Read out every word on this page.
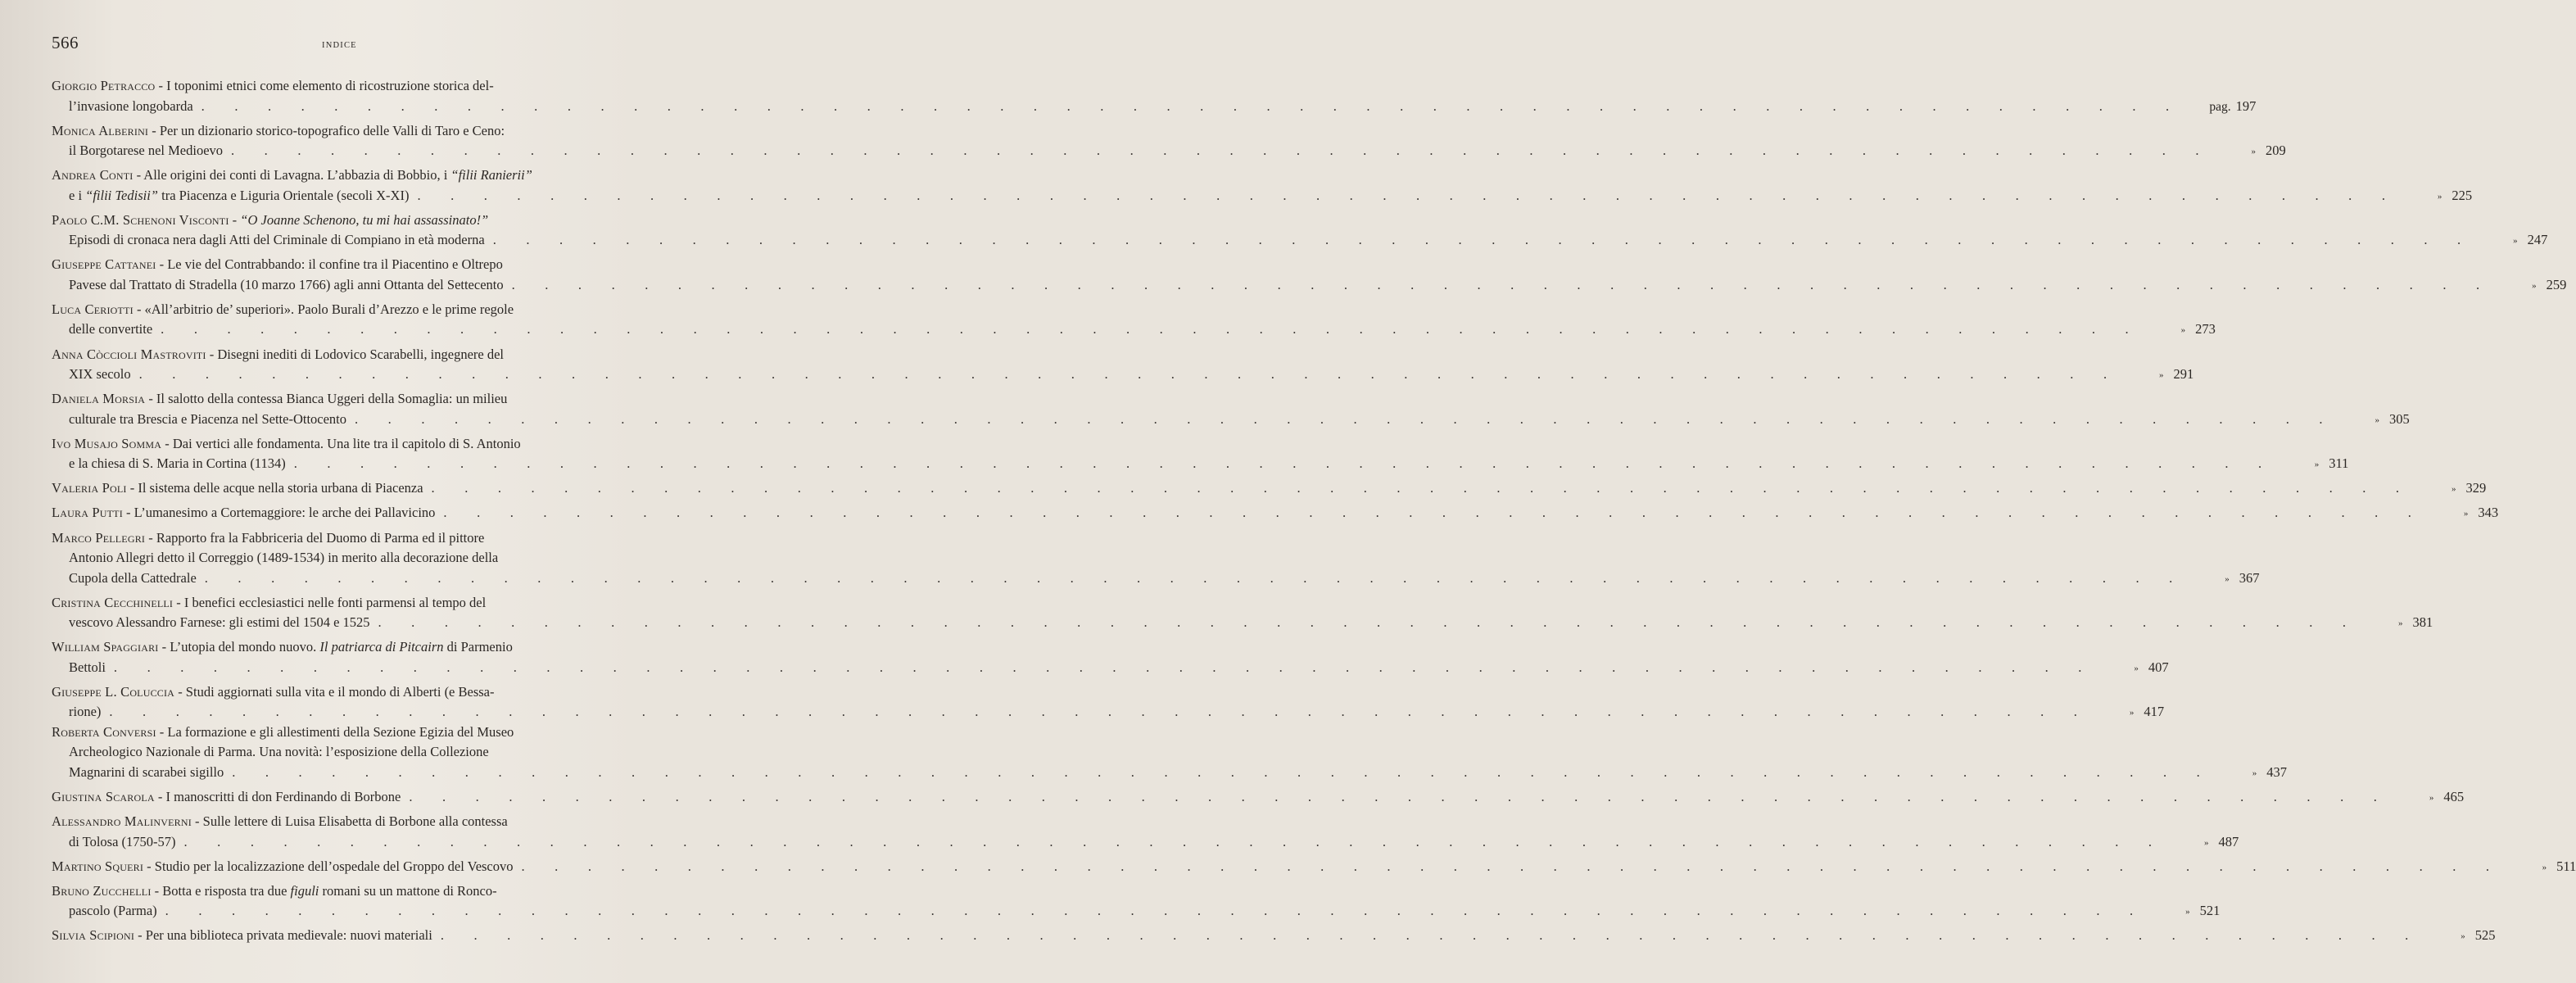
566	INDICE
Giorgio Petracco - I toponimi etnici come elemento di ricostruzione storica del-
l’invasione longobarda . . . . . . . . . . . . . . . . . . . . . . . . . . . . . . . . . . . . . . . . . . . . . . . . . . . . . . . . . . . .	pag. 197
Monica Alberini - Per un dizionario storico-topografico delle Valli di Taro e Ceno:
il Borgotarese nel Medioevo . . . . . . . . . . . . . . . . . . . . . . . . . . . . . . . . . . . . . . . . . . . . . . . . . . . . . . . . . . . .	» 209
Andrea Conti - Alle origini dei conti di Lavagna. L’abbazia di Bobbio, i “filii Ranierii”
e i “filii Tedisii” tra Piacenza e Liguria Orientale (secoli X-XI) . . . . . . . . . . . . . . . . . . . . . . . . . . . . . . . . . . . . . . . . . . . . . . . . . . . . . . . . . . . .	» 225
Paolo C.M. Schenoni Visconti - “O Joanne Schenono, tu mi hai assassinato!”
Episodi di cronaca nera dagli Atti del Criminale di Compiano in età moderna . . . . . . . . . . . . . . . . . . . . . . . . . . . . . . . . . . . . . . . . . . . . . . . . . . . . . . . . . . . .	» 247
Giuseppe Cattanei - Le vie del Contrabbando: il confine tra il Piacentino e Oltrepo
Pavese dal Trattato di Stradella (10 marzo 1766) agli anni Ottanta del Settecento . . . . . . . . . . . . . . . . . . . . . . . . . . . . . . . . . . . . . . . . . . . . . . . . . . . . . . . . . . . .	» 259
Luca Ceriotti - «All’arbitrio de’ superiori». Paolo Burali d’Arezzo e le prime regole
delle convertite . . . . . . . . . . . . . . . . . . . . . . . . . . . . . . . . . . . . . . . . . . . . . . . . . . . . . . . . . . . .	» 273
Anna Còccioli Mastroviti - Disegni inediti di Lodovico Scarabelli, ingegnere del
XIX secolo . . . . . . . . . . . . . . . . . . . . . . . . . . . . . . . . . . . . . . . . . . . . . . . . . . . . . . . . . . . .	» 291
Daniela Morsia - Il salotto della contessa Bianca Uggeri della Somaglia: un milieu
culturale tra Brescia e Piacenza nel Sette-Ottocento . . . . . . . . . . . . . . . . . . . . . . . . . . . . . . . . . . . . . . . . . . . . . . . . . . . . . . . . . . . .	» 305
Ivo Musajo Somma - Dai vertici alle fondamenta. Una lite tra il capitolo di S. Antonio
e la chiesa di S. Maria in Cortina (1134) . . . . . . . . . . . . . . . . . . . . . . . . . . . . . . . . . . . . . . . . . . . . . . . . . . . . . . . . . . . .	» 311
Valeria Poli - Il sistema delle acque nella storia urbana di Piacenza . . . . . . . . . . . . . . . . . . . . . . . . . . . . . . . . . . . . . . . . . . . . . . . . . . . . . . . . . . . .	» 329
Laura Putti - L’umanesimo a Cortemaggiore: le arche dei Pallavicino . . . . . . . . . . . . . . . . . . . . . . . . . . . . . . . . . . . . . . . . . . . . . . . . . . . . . . . . . . . .	» 343
Marco Pellegri - Rapporto fra la Fabbriceria del Duomo di Parma ed il pittore
Antonio Allegri detto il Correggio (1489-1534) in merito alla decorazione della
Cupola della Cattedrale . . . . . . . . . . . . . . . . . . . . . . . . . . . . . . . . . . . . . . . . . . . . . . . . . . . . . . . . . . . .	» 367
Cristina Cecchinelli - I benefici ecclesiastici nelle fonti parmensi al tempo del
vescovo Alessandro Farnese: gli estimi del 1504 e 1525 . . . . . . . . . . . . . . . . . . . . . . . . . . . . . . . . . . . . . . . . . . . . . . . . . . . . . . . . . . . .	» 381
William Spaggiari - L’utopia del mondo nuovo. Il patriarca di Pitcairn di Parmenio
Bettoli . . . . . . . . . . . . . . . . . . . . . . . . . . . . . . . . . . . . . . . . . . . . . . . . . . . . . . . . . . . .	» 407
Giuseppe L. Coluccia - Studi aggiornati sulla vita e il mondo di Alberti (e Bessa-
rione) . . . . . . . . . . . . . . . . . . . . . . . . . . . . . . . . . . . . . . . . . . . . . . . . . . . . . . . . . . . .	» 417
Roberta Conversi - La formazione e gli allestimenti della Sezione Egizia del Museo
Archeologico Nazionale di Parma. Una novità: l’esposizione della Collezione
Magnarini di scarabei sigillo . . . . . . . . . . . . . . . . . . . . . . . . . . . . . . . . . . . . . . . . . . . . . . . . . . . . . . . . . . . .	» 437
Giustina Scarola - I manoscritti di don Ferdinando di Borbone . . . . . . . . . . . . . . . . . . . . . . . . . . . . . . . . . . . . . . . . . . . . . . . . . . . . . . . . . . . .	» 465
Alessandro Malinverni - Sulle lettere di Luisa Elisabetta di Borbone alla contessa
di Tolosa (1750-57) . . . . . . . . . . . . . . . . . . . . . . . . . . . . . . . . . . . . . . . . . . . . . . . . . . . . . . . . . . . .	» 487
Martino Squeri - Studio per la localizzazione dell’ospedale del Groppo del Vescovo . . . . . . . . . . . . . . . . . . . . . . . . . . . . . . . . . . . . . . . . . . . . . . . . . . . . . . . . . . . .	» 511
Bruno Zucchelli - Botta e risposta tra due figuli romani su un mattone di Ronco-
pascolo (Parma) . . . . . . . . . . . . . . . . . . . . . . . . . . . . . . . . . . . . . . . . . . . . . . . . . . . . . . . . . . . .	» 521
Silvia Scipioni - Per una biblioteca privata medievale: nuovi materiali . . . . . . . . . . . . . . . . . . . . . . . . . . . . . . . . . . . . . . . . . . . . . . . . . . . . . . . . . . . .	» 525
